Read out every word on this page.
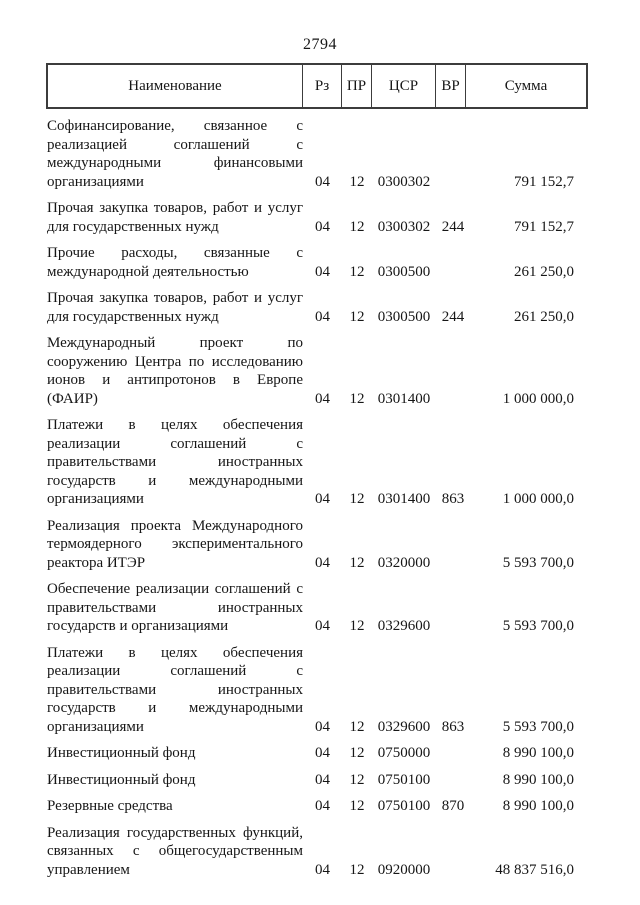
2794
Наименование	Рз	ПР	ЦСР	ВР	Сумма
Софинансирование, связанное с реализацией соглашений с международными финансовыми организациями	04	12 0300302	791 152,7
Прочая закупка товаров, работ и услуг для государственных нужд	04	12 0300302 244	791 152,7
Прочие расходы, связанные с международной деятельностью	04	12 0300500	261 250,0
Прочая закупка товаров, работ и услуг для государственных нужд	04	12 0300500 244	261 250,0
Международный проект по сооружению Центра по исследованию ионов и антипротонов в Европе (ФАИР)	04	12 0301400	1 000 000,0
Платежи в целях обеспечения реализации соглашений с правительствами иностранных государств и международными организациями	04	12 0301400 863	1 000 000,0
Реализация проекта Международного термоядерного экспериментального реактора ИТЭР	04	12 0320000	5 593 700,0
Обеспечение реализации соглашений с правительствами иностранных государств и организациями	04	12 0329600	5 593 700,0
Платежи в целях обеспечения реализации соглашений с правительствами иностранных государств и международными организациями	04	12 0329600 863	5 593 700,0
Инвестиционный фонд	04	12 0750000	8 990 100,0
Инвестиционный фонд	04	12 0750100	8 990 100,0
Резервные средства	04	12 0750100 870	8 990 100,0
Реализация государственных функций, связанных с общегосударственным управлением	04	12 0920000	48 837 516,0
